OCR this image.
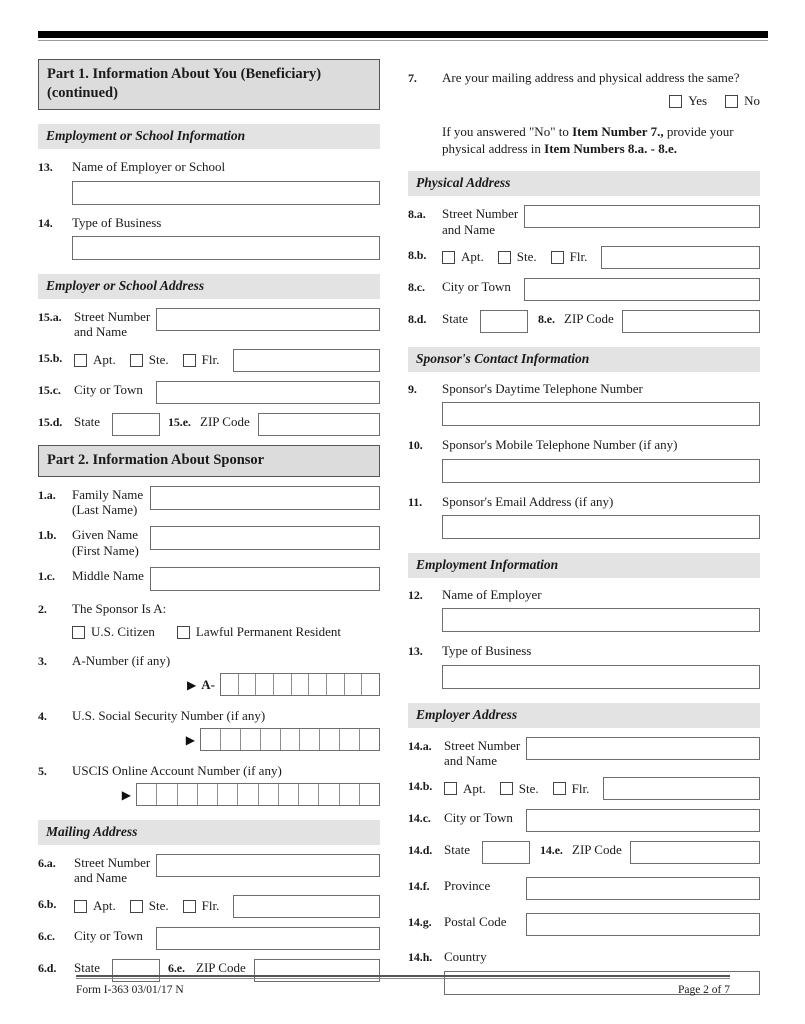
Part 1. Information About You (Beneficiary) (continued)
Employment or School Information
13.	Name of Employer or School
14.	Type of Business
Employer or School Address
15.a. Street Number and Name
15.b.	Apt.	Ste.	Flr.
15.c.	City or Town
15.d. State	15.e. ZIP Code
Part 2. Information About Sponsor
1.a.	Family Name (Last Name)
1.b.	Given Name (First Name)
1.c.	Middle Name
2.	The Sponsor Is A:
U.S. Citizen	Lawful Permanent Resident
3.	A-Number (if any)
▶ A-
4.	U.S. Social Security Number (if any)
▶
5.	USCIS Online Account Number (if any)
▶
Mailing Address
6.a.	Street Number and Name
6.b.	Apt.	Ste.	Flr.
6.c.	City or Town
6.d.	State	6.e. ZIP Code
7.	Are your mailing address and physical address the same?
Yes	No
If you answered "No" to Item Number 7., provide your physical address in Item Numbers 8.a. - 8.e.
Physical Address
8.a.	Street Number and Name
8.b.	Apt.	Ste.	Flr.
8.c.	City or Town
8.d.	State	8.e. ZIP Code
Sponsor's Contact Information
9.	Sponsor's Daytime Telephone Number
10.	Sponsor's Mobile Telephone Number (if any)
11.	Sponsor's Email Address (if any)
Employment Information
12.	Name of Employer
13.	Type of Business
Employer Address
14.a. Street Number and Name
14.b.	Apt.	Ste.	Flr.
14.c.	City or Town
14.d. State	14.e. ZIP Code
14.f.	Province
14.g. Postal Code
14.h. Country
Form I-363 03/01/17 N	Page 2 of 7
